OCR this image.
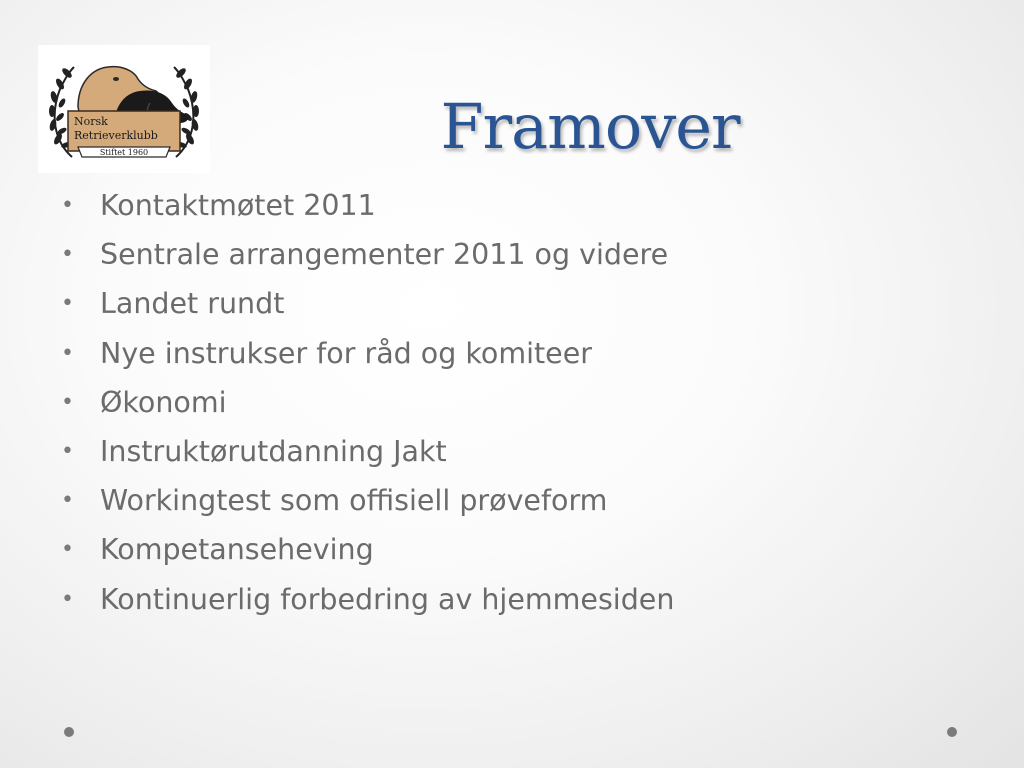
Norsk
Retrieverklubb
Stiftet 1960	Framover
• Kontaktmøtet 2011
• Sentrale arrangementer 2011 og videre
• Landet rundt
• Nye instrukser for råd og komiteer
• Økonomi
• Instruktørutdanning Jakt
• Workingtest som offisiell prøveform
• Kompetanseheving
• Kontinuerlig forbedring av hjemmesiden
